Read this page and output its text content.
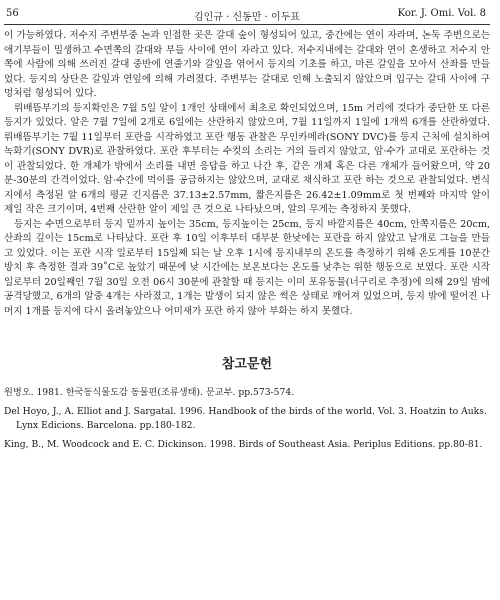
56	김인규 · 신동만 · 이두표	Kor. J. Omi. Vol. 8

이 가능하였다. 저수지 주변부중 논과 인접한 곳은 갈대 숲이 형성되어 있고, 중간에는 연이 자라며, 논둑 주변으로는 애기부들이 밀생하고 수면쪽의 갈대와 부들 사이에 연이 자라고 있다. 저수지내에는 갈대와 연이 혼생하고 저수지 안쪽에 사람에 의해 쓰러진 갈대 중반에 연줄기와 갈잎을 엮어서 등지의 기초를 하고, 마른 갈잎을 모아서 산좌를 만들었다. 등지의 상단은 갈잎과 연잎에 의해 가려졌다. 주변부는 갈대로 인해 노출되지 않았으며 입구는 갈대 사이에 구멍처럼 형성되어 있다.

뤼배뜸부기의 등지확인은 7월 5일 알이 1개인 상태에서 최초로 확인되었으며, 15m 거리에 것다가 중단한 또 다른 등지가 있었다. 알은 7월 7일에 2개로 6일에는 산란하지 않았으며, 7월 11일까지 1일에 1개씩 6개를 산란하였다. 뤼배뜸부기는 7월 11일부터 포란을 시작하였고 포란 행동 관찰은 무인카메라(SONY DVC)를 등지 근처에 설치하여 녹화기(SONY DVR)로 관찰하였다. 포란 후부터는 수컷의 소리는 거의 들리지 않았고, 암·수가 교대로 포란하는 것이 관찰되었다. 한 개체가 밖에서 소리를 내면 응답을 하고 나간 후, 같은 개체 혹은 다른 개체가 들어왔으며, 약 20분-30분의 간격이었다. 암·수간에 먹이를 공급하지는 않았으며, 교대로 채식하고 포란 하는 것으로 관찰되었다. 변식지에서 측정된 알 6개의 평균 긴지름은 37.13±2.57mm, 짧은지름은 26.42±1.09mm로 첫 번째와 마지막 알이 제일 작은 크기이며, 4번째 산란한 알이 제일 큰 것으로 나타났으며, 알의 무게는 측정하지 못했다.

등지는 수면으로부터 등지 밑까지 높이는 35cm, 등지높이는 25cm, 등지 바깥지름은 40cm, 안쪽지름은 20cm, 산좌의 깊이는 15cm로 나타났다. 포란 후 10일 이후부터 대부분 한낮에는 포란을 하지 않았고 날개로 그늘을 만들고 있었다. 이는 포란 시작 일로부터 15일째 되는 날 오후 1시에 등지내부의 온도를 측정하기 위해 온도계를 10분간 방치 후 측정한 결과 39˚C로 높았기 때문에 낮 시간에는 보온보다는 온도를 낮추는 위한 행동으로 보였다. 포란 시작 일로부터 20일째인 7월 30일 오전 06시 30분에 관찰할 때 등지는 이미 포유동물(너구리로 추정)에 의해 29일 밤에 공격당했고, 6개의 알중 4개는 사라졌고, 1개는 발생이 되지 않은 썩은 상태로 깨어져 있었으며, 등지 밖에 떨어진 나머지 1개를 등지에 다시 올려놓았으나 어미새가 포란 하지 않아 부화는 하지 못했다.

참고문헌

원병오. 1981. 한국동식물도감 동물편(조류생태). 문교부. pp.573-574.

Del Hoyo, J., A. Elliot and J. Sargatal. 1996. Handbook of the birds of the world. Vol. 3. Hoatzin to Auks. Lynx Edicions. Barcelona. pp.180-182.

King, B., M. Woodcock and E. C. Dickinson. 1998. Birds of Southeast Asia. Periplus Editions. pp.80-81.
